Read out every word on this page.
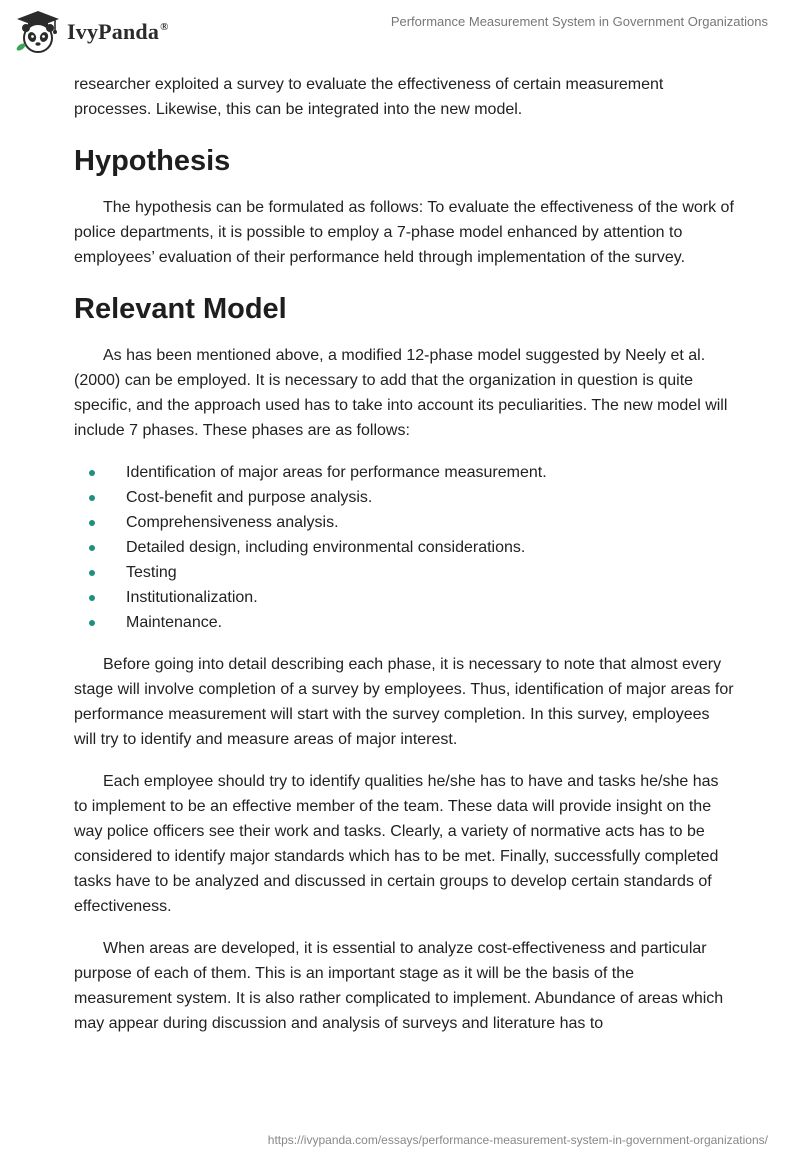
IvyPanda®	Performance Measurement System in Government Organizations

researcher exploited a survey to evaluate the effectiveness of certain measurement processes. Likewise, this can be integrated into the new model.

Hypothesis

The hypothesis can be formulated as follows: To evaluate the effectiveness of the work of police departments, it is possible to employ a 7-phase model enhanced by attention to employees’ evaluation of their performance held through implementation of the survey.

Relevant Model

As has been mentioned above, a modified 12-phase model suggested by Neely et al. (2000) can be employed. It is necessary to add that the organization in question is quite specific, and the approach used has to take into account its peculiarities. The new model will include 7 phases. These phases are as follows:

Identification of major areas for performance measurement.
Cost-benefit and purpose analysis.
Comprehensiveness analysis.
Detailed design, including environmental considerations.
Testing
Institutionalization.
Maintenance.

Before going into detail describing each phase, it is necessary to note that almost every stage will involve completion of a survey by employees. Thus, identification of major areas for performance measurement will start with the survey completion. In this survey, employees will try to identify and measure areas of major interest.

Each employee should try to identify qualities he/she has to have and tasks he/she has to implement to be an effective member of the team. These data will provide insight on the way police officers see their work and tasks. Clearly, a variety of normative acts has to be considered to identify major standards which has to be met. Finally, successfully completed tasks have to be analyzed and discussed in certain groups to develop certain standards of effectiveness.

When areas are developed, it is essential to analyze cost-effectiveness and particular purpose of each of them. This is an important stage as it will be the basis of the measurement system. It is also rather complicated to implement. Abundance of areas which may appear during discussion and analysis of surveys and literature has to

https://ivypanda.com/essays/performance-measurement-system-in-government-organizations/
